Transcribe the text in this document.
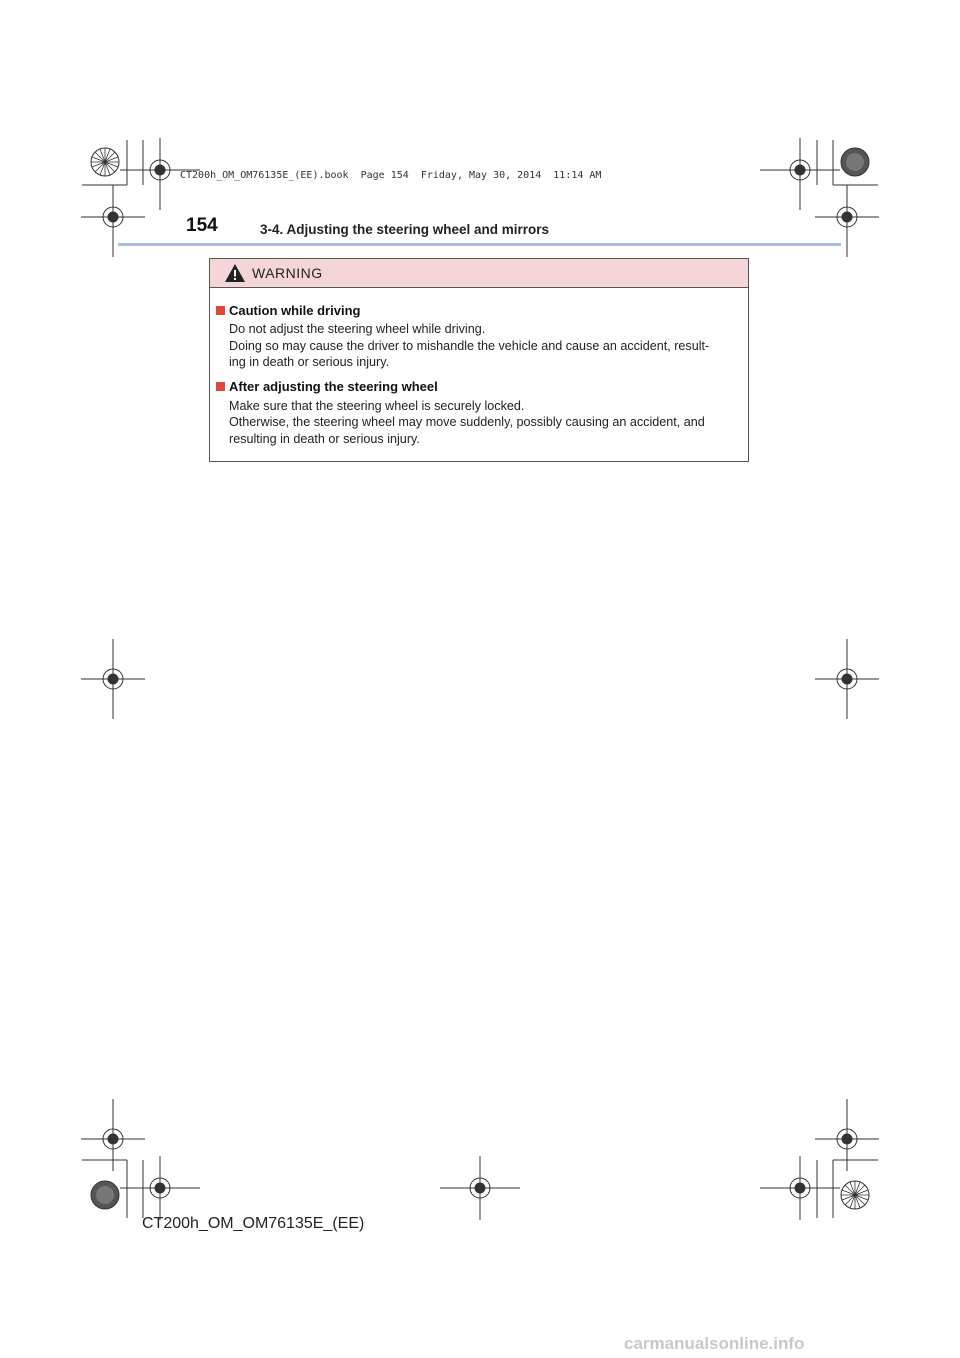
CT200h_OM_OM76135E_(EE).book  Page 154  Friday, May 30, 2014  11:14 AM
154	3-4. Adjusting the steering wheel and mirrors
WARNING
Caution while driving
Do not adjust the steering wheel while driving.
Doing so may cause the driver to mishandle the vehicle and cause an accident, result-
ing in death or serious injury.
After adjusting the steering wheel
Make sure that the steering wheel is securely locked.
Otherwise, the steering wheel may move suddenly, possibly causing an accident, and
resulting in death or serious injury.
CT200h_OM_OM76135E_(EE)
carmanualsonline.info
